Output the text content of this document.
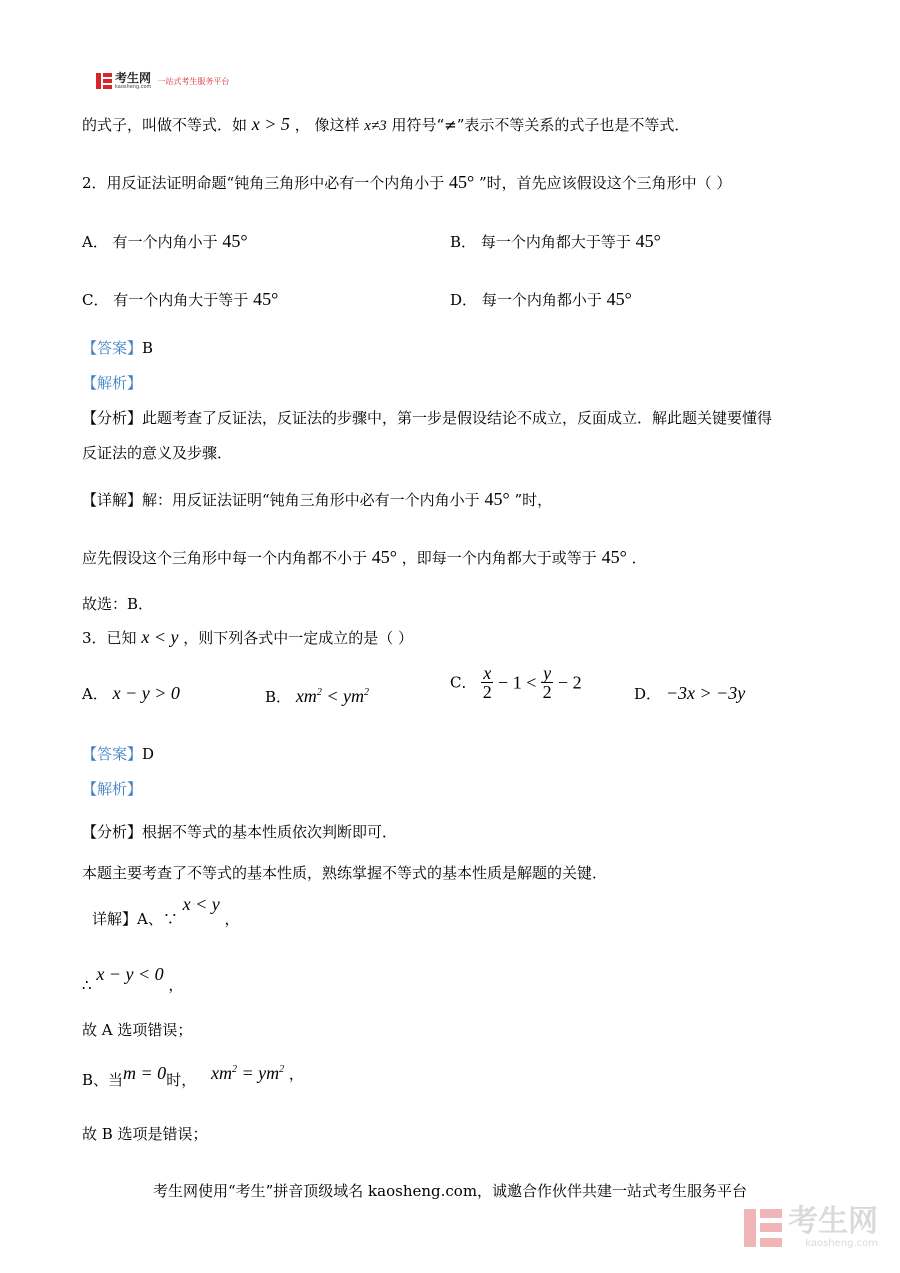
考生网
kaosheng.com
一站式考生服务平台
的式子，叫做不等式．如 x > 5 ， 像这样 x≠3 用符号“≠”表示不等关系的式子也是不等式．
2．用反证法证明命题“钝角三角形中必有一个内角小于 45° ”时，首先应该假设这个三角形中（ ）
A． 有一个内角小于 45°	B． 每一个内角都大于等于 45°
C． 有一个内角大于等于 45°	D． 每一个内角都小于 45°
【答案】B
【解析】
【分析】此题考查了反证法，反证法的步骤中，第一步是假设结论不成立，反面成立．解此题关键要懂得
反证法的意义及步骤．
【详解】解：用反证法证明“钝角三角形中必有一个内角小于 45° ”时，
应先假设这个三角形中每一个内角都不小于 45° ，即每一个内角都大于或等于 45° ．
故选：B．
3．已知 x < y ，则下列各式中一定成立的是（ ）
A． x − y > 0	B． $xm^2 < ym^2$
C． $\frac{x}{2} - 1 < \frac{y}{2} - 2$
D． −3x > −3y
【答案】D
【解析】
【分析】根据不等式的基本性质依次判断即可．
本题主要考查了不等式的基本性质，熟练掌握不等式的基本性质是解题的关键．
详解】A、∵ x < y ，
∴ x − y < 0 ，
故 A 选项错误；
B、当m = 0时， $xm^2 = ym^2$ ，
故 B 选项是错误；
考生网使用“考生”拼音顶级域名 kaosheng.com，诚邀合作伙伴共建一站式考生服务平台
考生网
kaosheng.com
